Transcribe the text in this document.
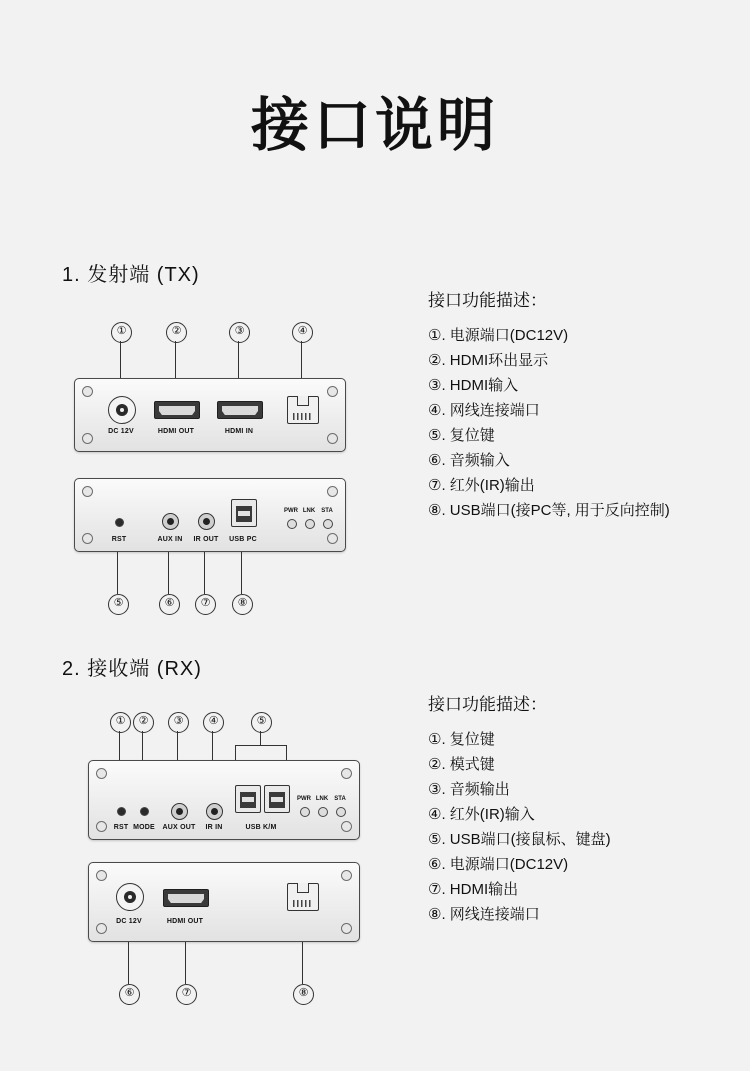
接口说明
1. 发射端 (TX)
接口功能描述：
①. 电源端口(DC12V)
②. HDMI环出显示
③. HDMI输入
④. 网线连接端口
⑤. 复位键
⑥. 音频输入
⑦. 红外(IR)输出
⑧. USB端口(接PC等, 用于反向控制)
①	②	③	④
DC 12V	HDMI OUT	HDMI IN
RST	AUX IN IR OUT USB PC
PWR LNK STA
⑤	⑥	⑦	⑧
2. 接收端 (RX)
接口功能描述：
①. 复位键
②. 模式键
③. 音频输出
④. 红外(IR)输入
⑤. USB端口(接鼠标、键盘)
⑥. 电源端口(DC12V)
⑦. HDMI输出
⑧. 网线连接端口
①	②	③	④	⑤
RST MODE AUX OUT IR IN	USB K/M
PWR LNK STA
DC 12V	HDMI OUT
⑥	⑦	⑧
